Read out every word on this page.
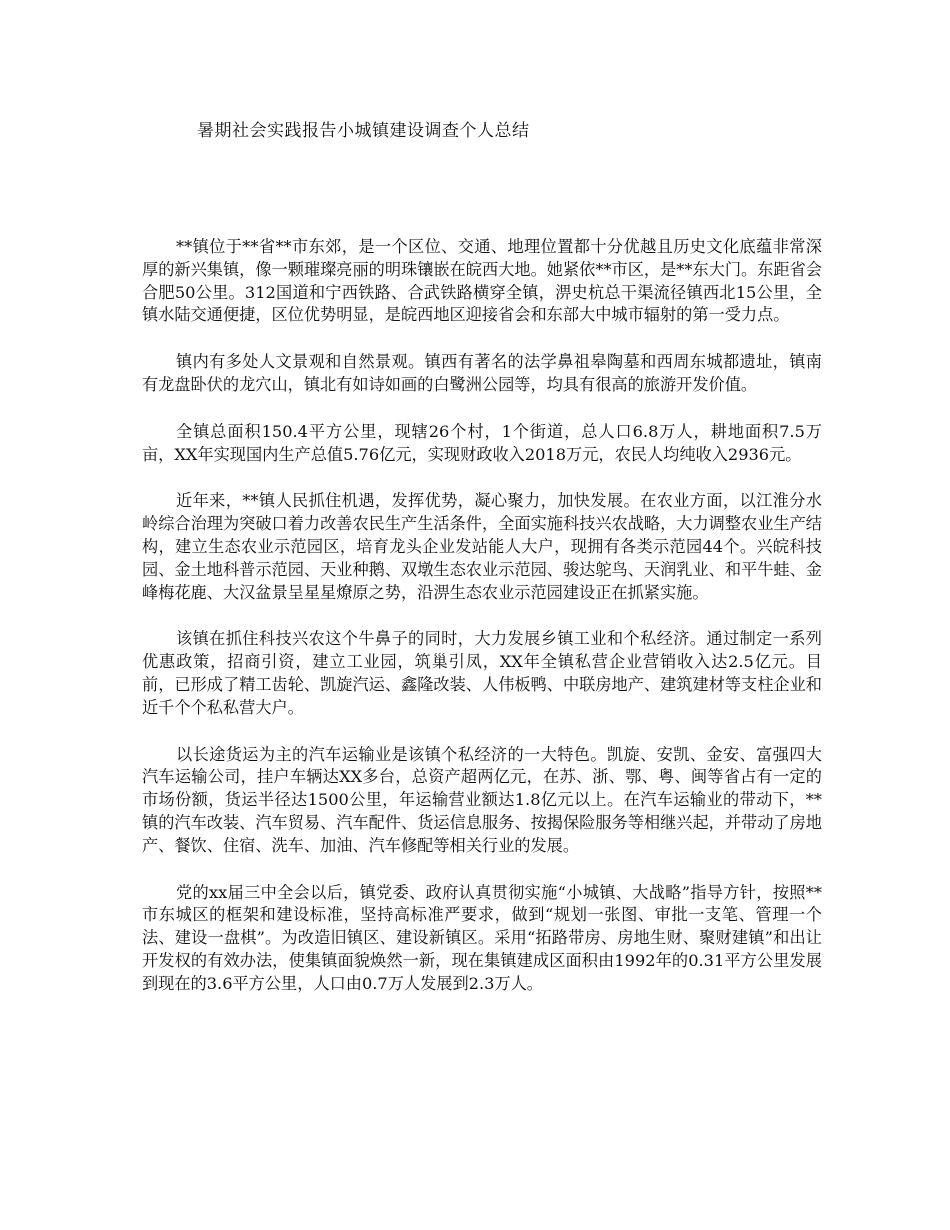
暑期社会实践报告小城镇建设调查个人总结

**镇位于**省**市东郊，是一个区位、交通、地理位置都十分优越且历史文化底蕴非常深厚的新兴集镇，像一颗璀璨亮丽的明珠镶嵌在皖西大地。她紧依**市区，是**东大门。东距省会合肥50公里。312国道和宁西铁路、合武铁路横穿全镇，淠史杭总干渠流径镇西北15公里，全镇水陆交通便捷，区位优势明显，是皖西地区迎接省会和东部大中城市辐射的第一受力点。

镇内有多处人文景观和自然景观。镇西有著名的法学鼻祖皋陶墓和西周东城都遗址，镇南有龙盘卧伏的龙穴山，镇北有如诗如画的白鹭洲公园等，均具有很高的旅游开发价值。

全镇总面积150.4平方公里，现辖26个村，1个街道，总人口6.8万人，耕地面积7.5万亩，XX年实现国内生产总值5.76亿元，实现财政收入2018万元，农民人均纯收入2936元。

近年来，**镇人民抓住机遇，发挥优势，凝心聚力，加快发展。在农业方面，以江淮分水岭综合治理为突破口着力改善农民生产生活条件，全面实施科技兴农战略，大力调整农业生产结构，建立生态农业示范园区，培育龙头企业发站能人大户，现拥有各类示范园44个。兴皖科技园、金土地科普示范园、天业种鹅、双墩生态农业示范园、骏达鸵鸟、天润乳业、和平牛蛙、金峰梅花鹿、大汉盆景呈星星燎原之势，沿淠生态农业示范园建设正在抓紧实施。

该镇在抓住科技兴农这个牛鼻子的同时，大力发展乡镇工业和个私经济。通过制定一系列优惠政策，招商引资，建立工业园，筑巢引凤，XX年全镇私营企业营销收入达2.5亿元。目前，已形成了精工齿轮、凯旋汽运、鑫隆改装、人伟板鸭、中联房地产、建筑建材等支柱企业和近千个个私私营大户。

以长途货运为主的汽车运输业是该镇个私经济的一大特色。凯旋、安凯、金安、富强四大汽车运输公司，挂户车辆达XX多台，总资产超两亿元，在苏、浙、鄂、粤、闽等省占有一定的市场份额，货运半径达1500公里，年运输营业额达1.8亿元以上。在汽车运输业的带动下，**镇的汽车改装、汽车贸易、汽车配件、货运信息服务、按揭保险服务等相继兴起，并带动了房地产、餐饮、住宿、洗车、加油、汽车修配等相关行业的发展。

党的xx届三中全会以后，镇党委、政府认真贯彻实施“小城镇、大战略”指导方针，按照**市东城区的框架和建设标准，坚持高标准严要求，做到“规划一张图、审批一支笔、管理一个法、建设一盘棋”。为改造旧镇区、建设新镇区。采用“拓路带房、房地生财、聚财建镇”和出让开发权的有效办法，使集镇面貌焕然一新，现在集镇建成区面积由1992年的0.31平方公里发展到现在的3.6平方公里，人口由0.7万人发展到2.3万人。
